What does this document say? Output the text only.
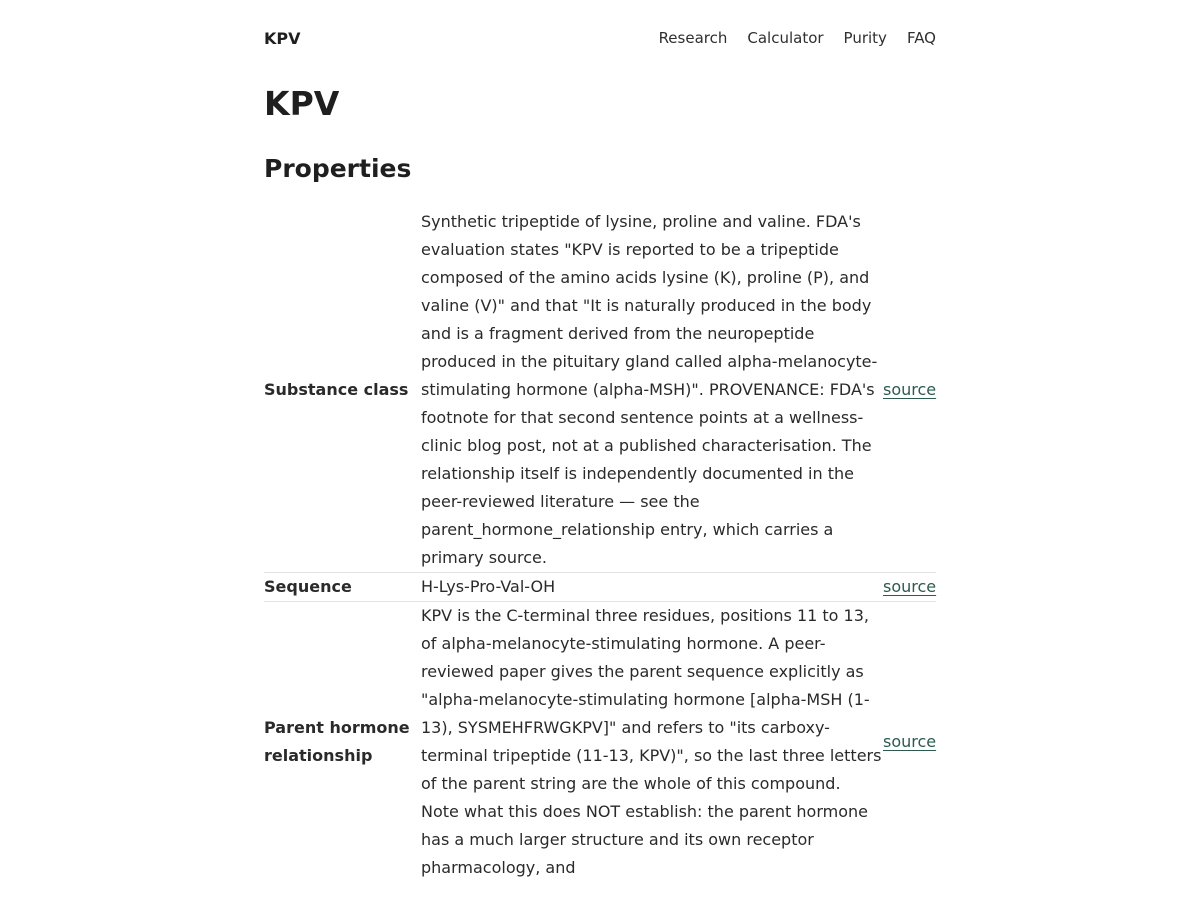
KPV	Research Calculator Purity FAQ
KPV
Properties
Substance class	Synthetic tripeptide of lysine, proline and valine. FDA's evaluation states "KPV is reported to be a tripeptide composed of the amino acids lysine (K), proline (P), and valine (V)" and that "It is naturally produced in the body and is a fragment derived from the neuropeptide produced in the pituitary gland called alpha-melanocyte-stimulating hormone (alpha-MSH)". PROVENANCE: FDA's footnote for that second sentence points at a wellness-clinic blog post, not at a published characterisation. The relationship itself is independently documented in the peer-reviewed literature — see the parent_hormone_relationship entry, which carries a primary source.	source
Sequence	H-Lys-Pro-Val-OH	source
Parent hormone relationship	KPV is the C-terminal three residues, positions 11 to 13, of alpha-melanocyte-stimulating hormone. A peer-reviewed paper gives the parent sequence explicitly as "alpha-melanocyte-stimulating hormone [alpha-MSH (1-13), SYSMEHFRWGKPV]" and refers to "its carboxy-terminal tripeptide (11-13, KPV)", so the last three letters of the parent string are the whole of this compound. Note what this does NOT establish: the parent hormone has a much larger structure and its own receptor pharmacology, and	source
